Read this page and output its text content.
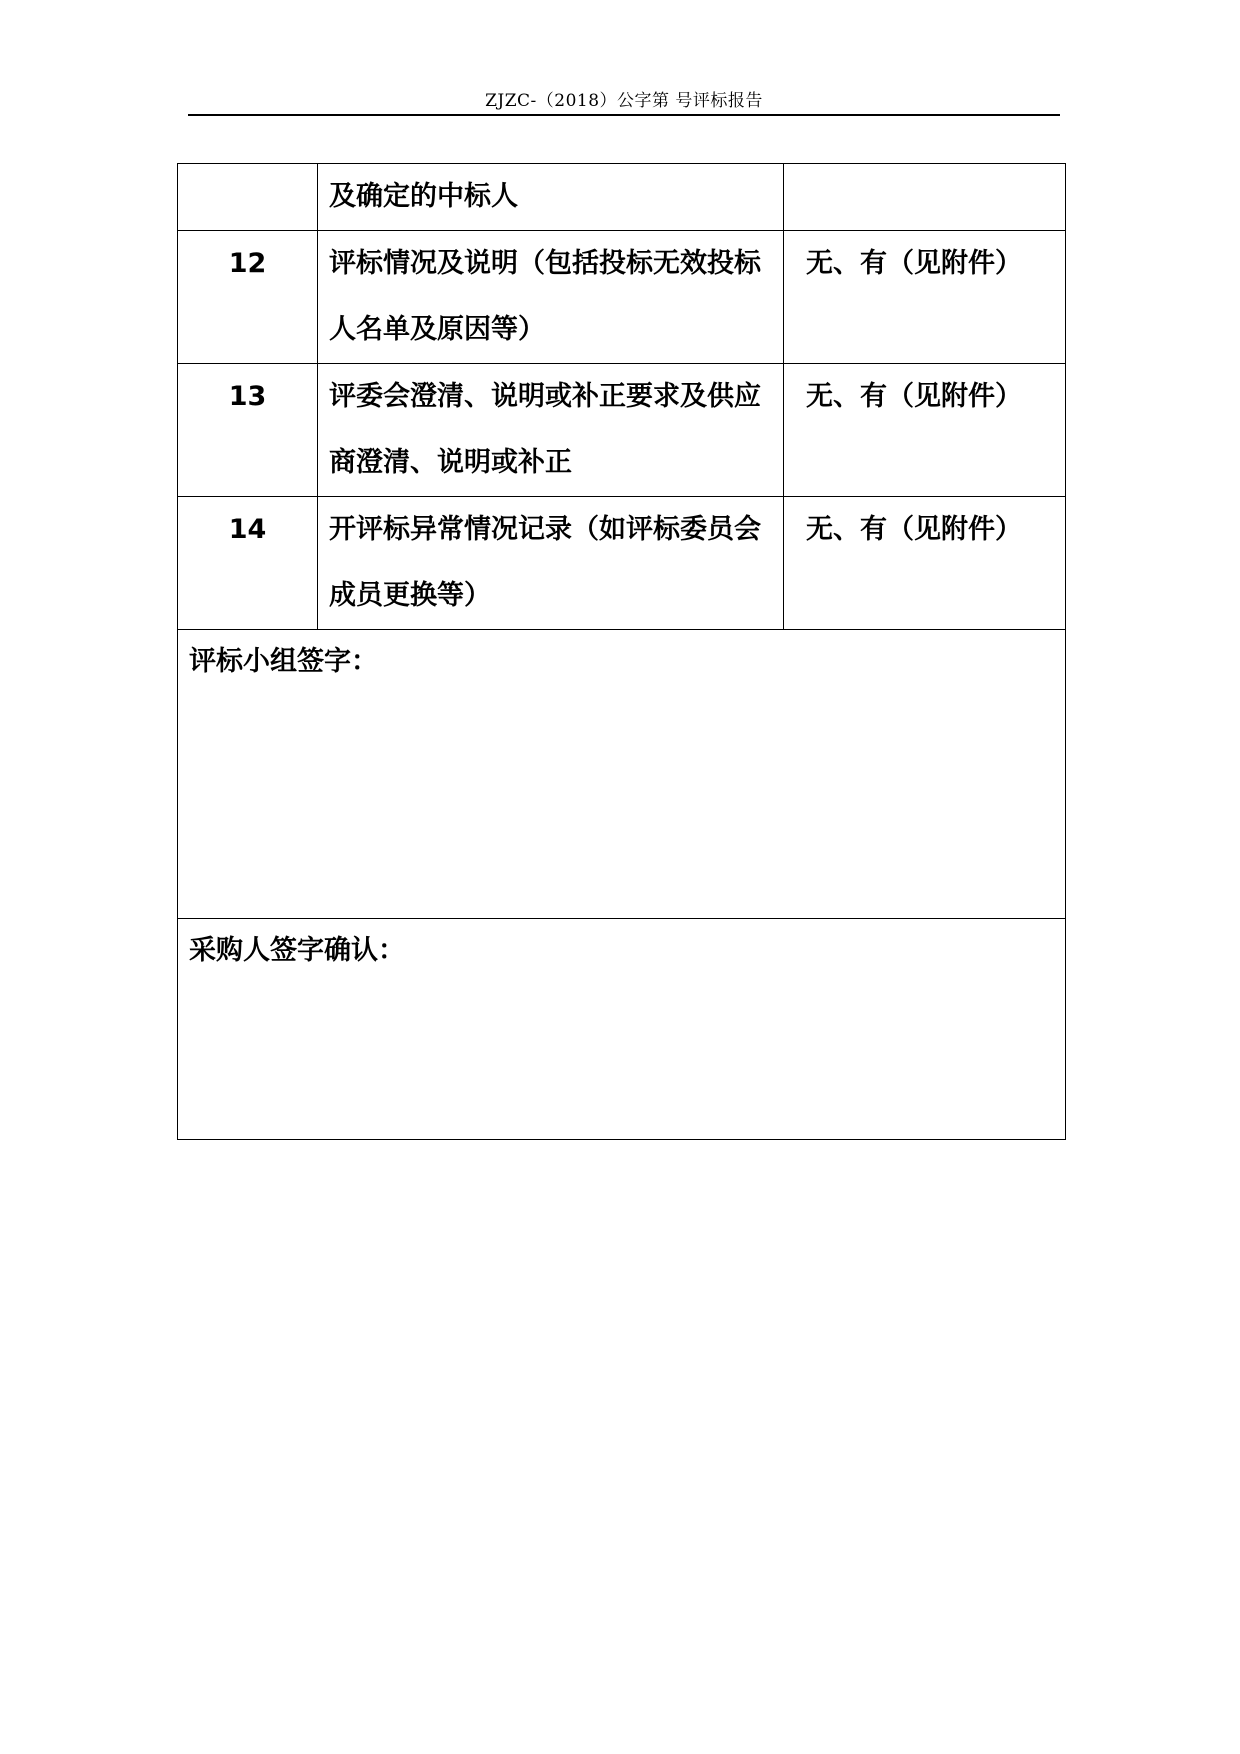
ZJZC-（2018）公字第 号评标报告
	及确定的中标人	
12	评标情况及说明（包括投标无效投标人名单及原因等）	无、有（见附件）
13	评委会澄清、说明或补正要求及供应商澄清、说明或补正	无、有（见附件）
14	开评标异常情况记录（如评标委员会成员更换等）	无、有（见附件）
评标小组签字：		
采购人签字确认：		
